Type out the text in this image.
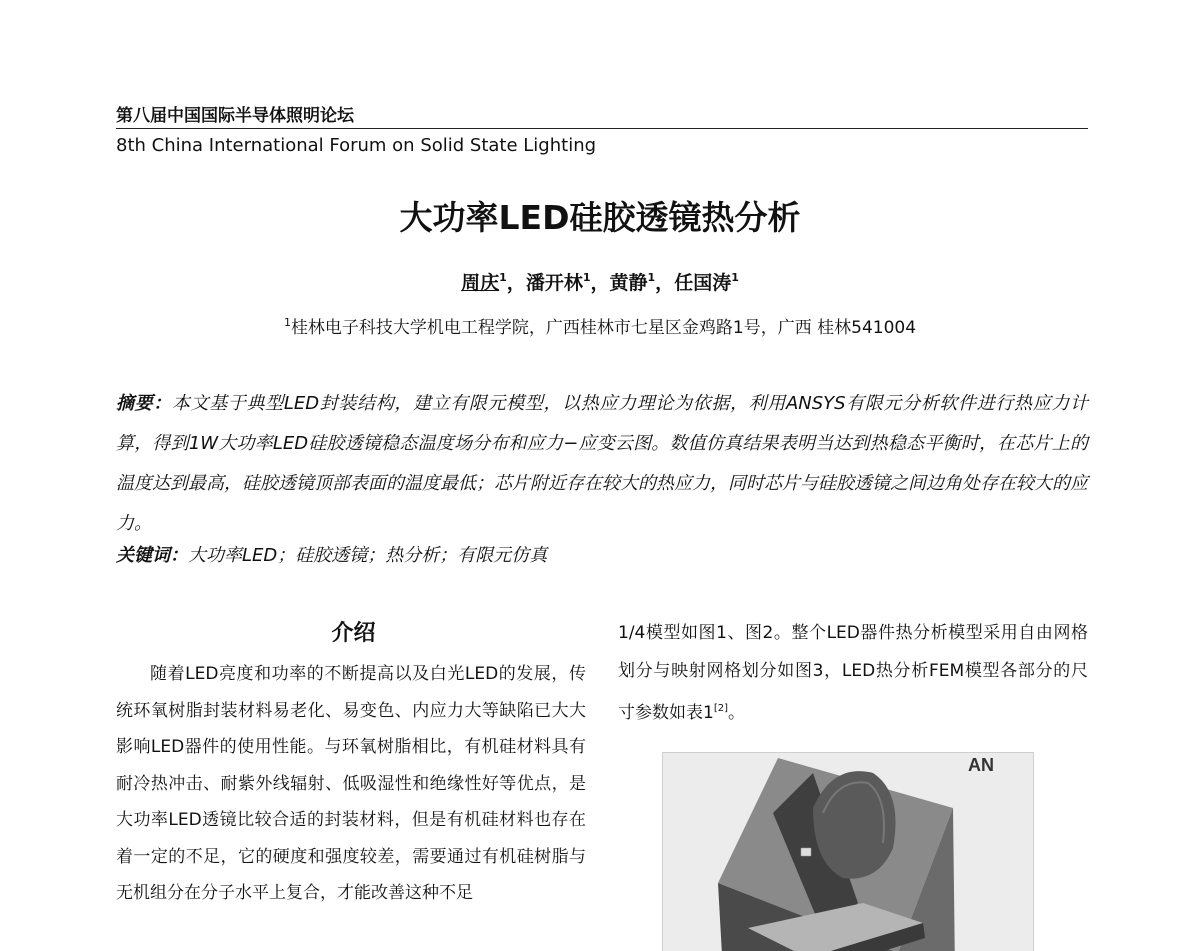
第八届中国国际半导体照明论坛
8th China International Forum on Solid State Lighting
大功率LED硅胶透镜热分析
周庆$^1$，潘开林$^1$，黄静$^1$，任国涛$^1$
$^1$桂林电子科技大学机电工程学院，广西桂林市七星区金鸡路1号，广西 桂林541004
摘要：本文基于典型LED封装结构，建立有限元模型，以热应力理论为依据，利用ANSYS有限元分析软件进行热应力计算，得到1W大功率LED硅胶透镜稳态温度场分布和应力−应变云图。数值仿真结果表明当达到热稳态平衡时，在芯片上的温度达到最高，硅胶透镜顶部表面的温度最低；芯片附近存在较大的热应力，同时芯片与硅胶透镜之间边角处存在较大的应力。
关键词：大功率LED；硅胶透镜；热分析；有限元仿真
介绍
随着LED亮度和功率的不断提高以及白光LED的发展，传统环氧树脂封装材料易老化、易变色、内应力大等缺陷已大大影响LED器件的使用性能。与环氧树脂相比，有机硅材料具有耐冷热冲击、耐紫外线辐射、低吸湿性和绝缘性好等优点，是大功率LED透镜比较合适的封装材料，但是有机硅材料也存在着一定的不足，它的硬度和强度较差，需要通过有机硅树脂与无机组分在分子水平上复合，才能改善这种不足
1/4模型如图1、图2。整个LED器件热分析模型采用自由网格划分与映射网格划分如图3，LED热分析FEM模型各部分的尺寸参数如表1[2]。
AN
